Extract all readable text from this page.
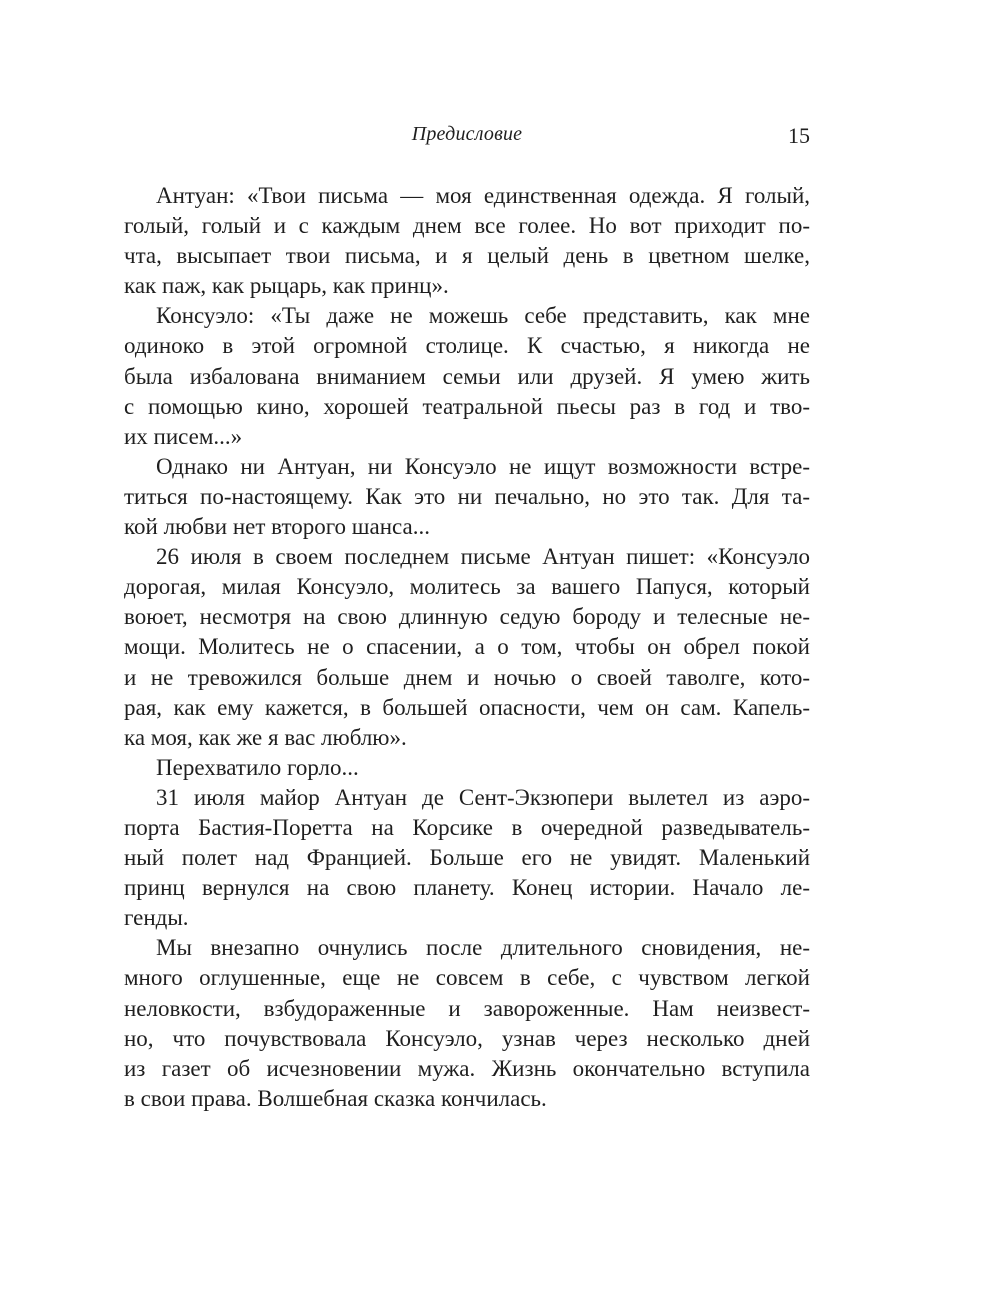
Предисловие	15
Антуан: «Твои письма — моя единственная одежда. Я голый,
голый, голый и с каждым днем все голее. Но вот приходит по-
чта, высыпает твои письма, и я целый день в цветном шелке,
как паж, как рыцарь, как принц».
Консуэло: «Ты даже не можешь себе представить, как мне
одиноко в этой огромной столице. К счастью, я никогда не
была избалована вниманием семьи или друзей. Я умею жить
с помощью кино, хорошей театральной пьесы раз в год и тво-
их писем...»
Однако ни Антуан, ни Консуэло не ищут возможности встре-
титься по-настоящему. Как это ни печально, но это так. Для та-
кой любви нет второго шанса...
26 июля в своем последнем письме Антуан пишет: «Консуэло
дорогая, милая Консуэло, молитесь за вашего Папуся, который
воюет, несмотря на свою длинную седую бороду и телесные не-
мощи. Молитесь не о спасении, а о том, чтобы он обрел покой
и не тревожился больше днем и ночью о своей таволге, кото-
рая, как ему кажется, в большей опасности, чем он сам. Капель-
ка моя, как же я вас люблю».
Перехватило горло...
31 июля майор Антуан де Сент-Экзюпери вылетел из аэро-
порта Бастия-Поретта на Корсике в очередной разведыватель-
ный полет над Францией. Больше его не увидят. Маленький
принц вернулся на свою планету. Конец истории. Начало ле-
генды.
Мы внезапно очнулись после длительного сновидения, не-
много оглушенные, еще не совсем в себе, с чувством легкой
неловкости, взбудораженные и завороженные. Нам неизвест-
но, что почувствовала Консуэло, узнав через несколько дней
из газет об исчезновении мужа. Жизнь окончательно вступила
в свои права. Волшебная сказка кончилась.
